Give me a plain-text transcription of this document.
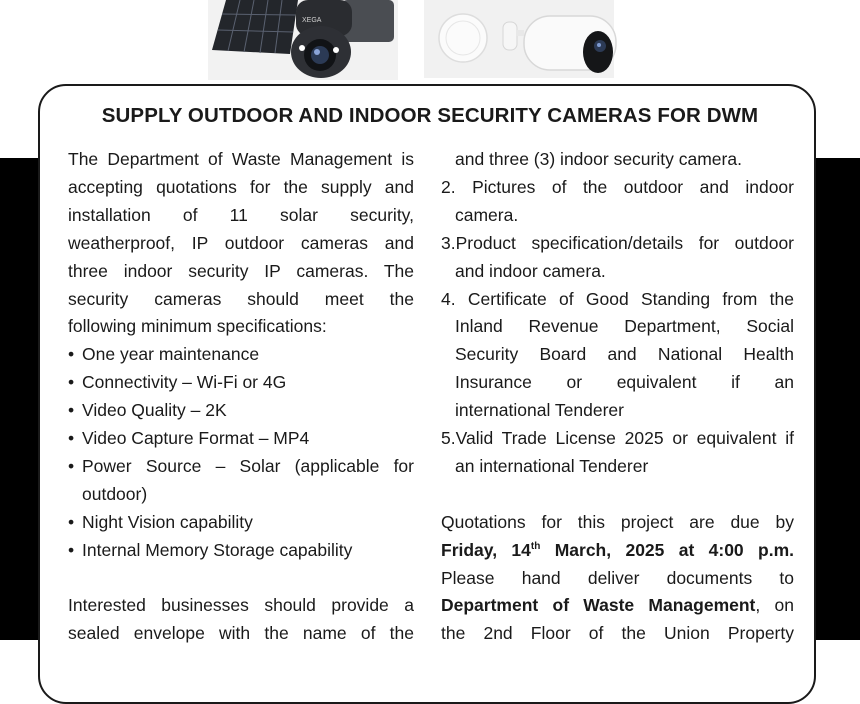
XEGA
SUPPLY OUTDOOR AND INDOOR SECURITY CAMERAS FOR DWM

The Department of Waste Management is

accepting quotations for the supply and

installation of 11 solar security,

weatherproof, IP outdoor cameras and

three indoor security IP cameras. The

security cameras should meet the

following minimum specifications:

• One year maintenance
• Connectivity – Wi-Fi or 4G
• Video Quality – 2K
• Video Capture Format – MP4
• Power Source – Solar (applicable for
outdoor)
• Night Vision capability
• Internal Memory Storage capability

Interested businesses should provide a

sealed envelope with the name of the

and three (3) indoor security camera.

2. Pictures of the outdoor and indoor
camera.
3.Product specification/details for outdoor
and indoor camera.
4. Certificate of Good Standing from the
Inland Revenue Department, Social
Security Board and National Health
Insurance or equivalent if an
international Tenderer
5.Valid Trade License 2025 or equivalent if
an international Tenderer

Quotations for this project are due by

Friday, 14th March, 2025 at 4:00 p.m.

Please hand deliver documents to

Department of Waste Management, on

the 2nd Floor of the Union Property
